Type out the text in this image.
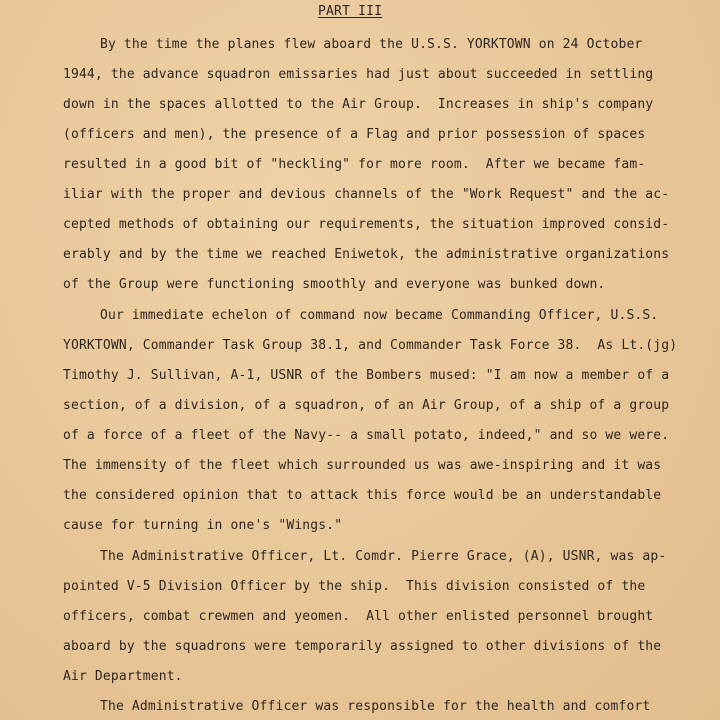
PART III
By the time the planes flew aboard the U.S.S. YORKTOWN on 24 October
1944, the advance squadron emissaries had just about succeeded in settling
down in the spaces allotted to the Air Group.  Increases in ship's company
(officers and men), the presence of a Flag and prior possession of spaces
resulted in a good bit of "heckling" for more room.  After we became fam-
iliar with the proper and devious channels of the "Work Request" and the ac-
cepted methods of obtaining our requirements, the situation improved consid-
erably and by the time we reached Eniwetok, the administrative organizations
of the Group were functioning smoothly and everyone was bunked down.
Our immediate echelon of command now became Commanding Officer, U.S.S.
YORKTOWN, Commander Task Group 38.1, and Commander Task Force 38.  As Lt.(jg)
Timothy J. Sullivan, A-1, USNR of the Bombers mused: "I am now a member of a
section, of a division, of a squadron, of an Air Group, of a ship of a group
of a force of a fleet of the Navy-- a small potato, indeed," and so we were.
The immensity of the fleet which surrounded us was awe-inspiring and it was
the considered opinion that to attack this force would be an understandable
cause for turning in one's "Wings."
The Administrative Officer, Lt. Comdr. Pierre Grace, (A), USNR, was ap-
pointed V-5 Division Officer by the ship.  This division consisted of the
officers, combat crewmen and yeomen.  All other enlisted personnel brought
aboard by the squadrons were temporarily assigned to other divisions of the
Air Department.
The Administrative Officer was responsible for the health and comfort
